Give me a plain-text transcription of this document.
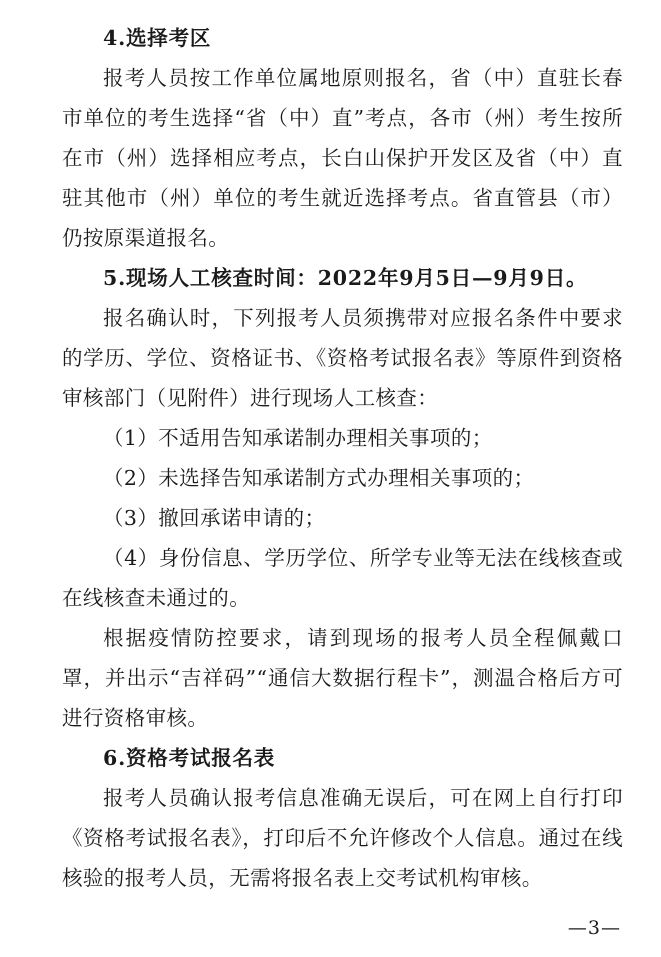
4.选择考区

报考人员按工作单位属地原则报名，省（中）直驻长春市单位的考生选择“省（中）直”考点，各市（州）考生按所在市（州）选择相应考点，长白山保护开发区及省（中）直驻其他市（州）单位的考生就近选择考点。省直管县（市）仍按原渠道报名。

5.现场人工核查时间：2022年9月5日—9月9日。

报名确认时，下列报考人员须携带对应报名条件中要求的学历、学位、资格证书、《资格考试报名表》等原件到资格审核部门（见附件）进行现场人工核查：

（1）不适用告知承诺制办理相关事项的；

（2）未选择告知承诺制方式办理相关事项的；

（3）撤回承诺申请的；

（4）身份信息、学历学位、所学专业等无法在线核查或在线核查未通过的。

根据疫情防控要求，请到现场的报考人员全程佩戴口罩，并出示“吉祥码”“通信大数据行程卡”，测温合格后方可进行资格审核。

6.资格考试报名表

报考人员确认报考信息准确无误后，可在网上自行打印《资格考试报名表》，打印后不允许修改个人信息。通过在线核验的报考人员，无需将报名表上交考试机构审核。

—3—
